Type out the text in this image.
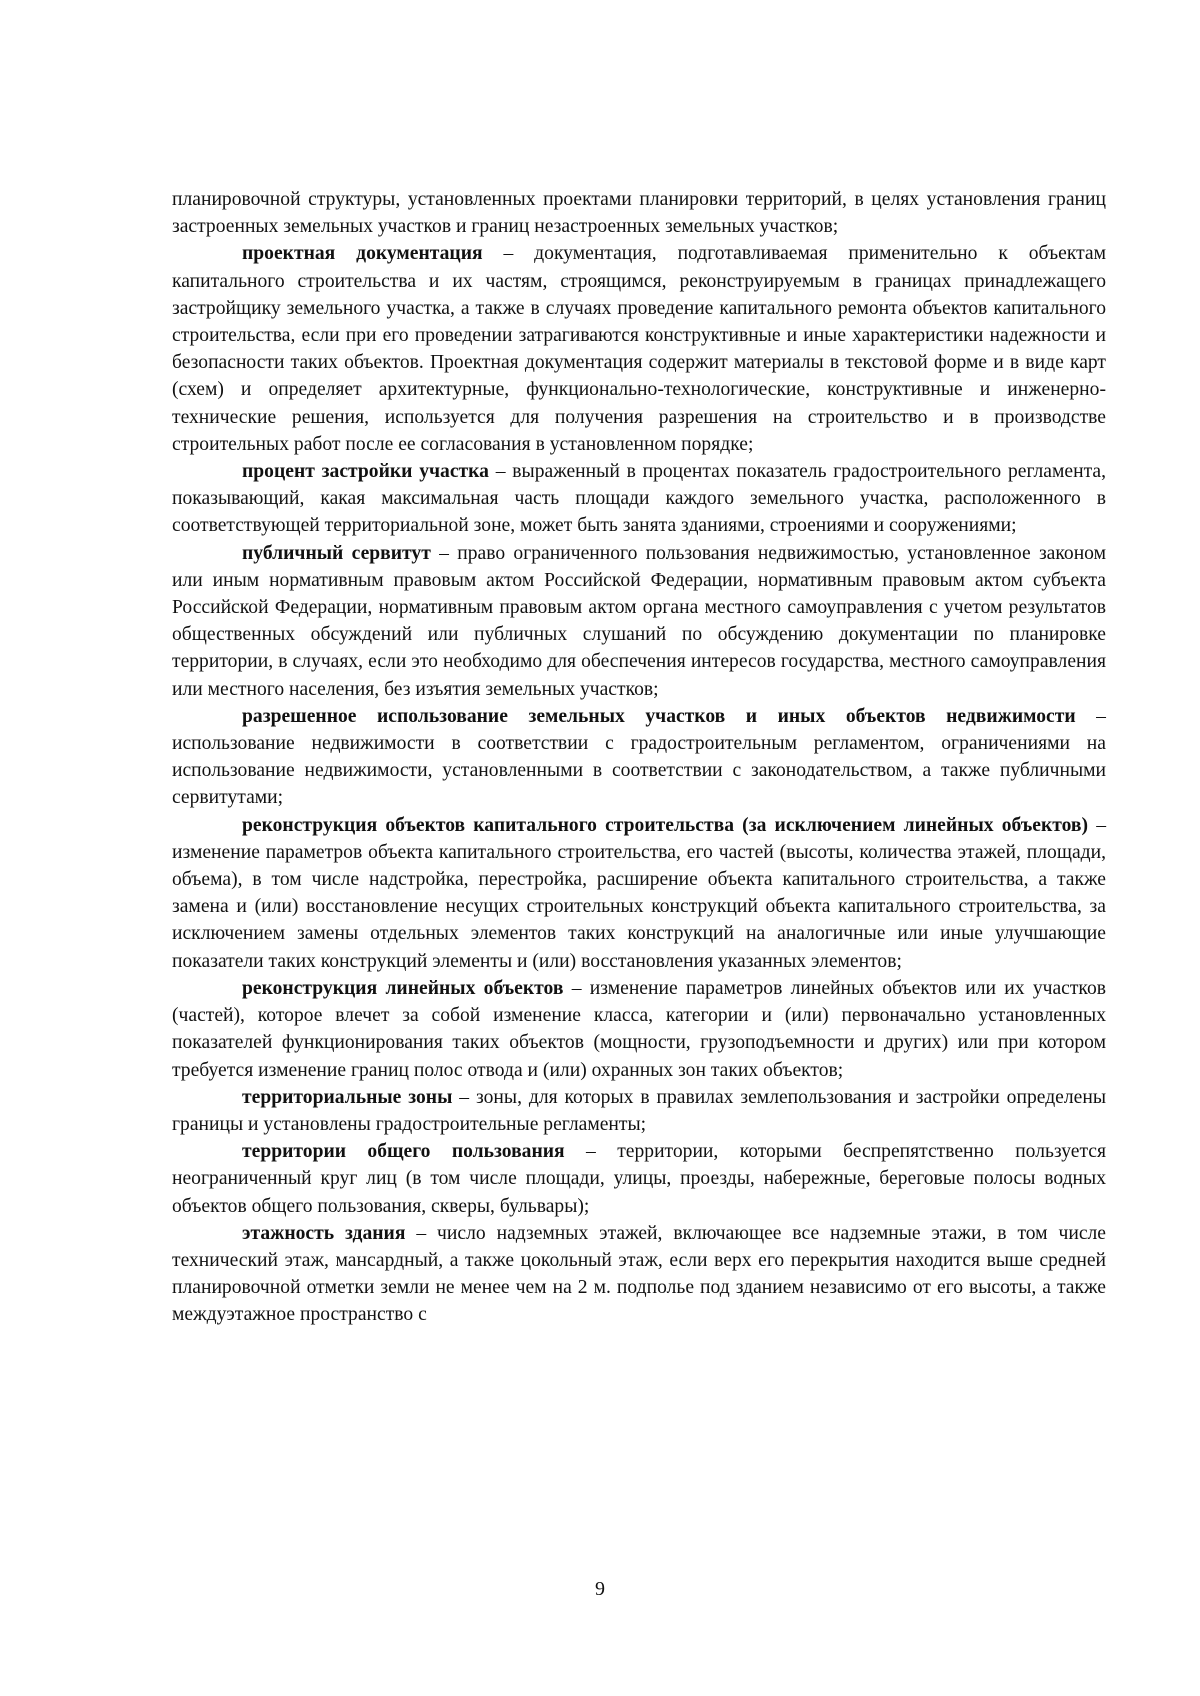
планировочной структуры, установленных проектами планировки территорий, в целях установления границ застроенных земельных участков и границ незастроенных земельных участков;

проектная документация – документация, подготавливаемая применительно к объектам капитального строительства и их частям, строящимся, реконструируемым в границах принадлежащего застройщику земельного участка, а также в случаях проведение капитального ремонта объектов капитального строительства, если при его проведении затрагиваются конструктивные и иные характеристики надежности и безопасности таких объектов. Проектная документация содержит материалы в текстовой форме и в виде карт (схем) и определяет архитектурные, функционально-технологические, конструктивные и инженерно-технические решения, используется для получения разрешения на строительство и в производстве строительных работ после ее согласования в установленном порядке;

процент застройки участка – выраженный в процентах показатель градостроительного регламента, показывающий, какая максимальная часть площади каждого земельного участка, расположенного в соответствующей территориальной зоне, может быть занята зданиями, строениями и сооружениями;

публичный сервитут – право ограниченного пользования недвижимостью, установленное законом или иным нормативным правовым актом Российской Федерации, нормативным правовым актом субъекта Российской Федерации, нормативным правовым актом органа местного самоуправления с учетом результатов общественных обсуждений или публичных слушаний по обсуждению документации по планировке территории, в случаях, если это необходимо для обеспечения интересов государства, местного самоуправления или местного населения, без изъятия земельных участков;

разрешенное использование земельных участков и иных объектов недвижимости – использование недвижимости в соответствии с градостроительным регламентом, ограничениями на использование недвижимости, установленными в соответствии с законодательством, а также публичными сервитутами;

реконструкция объектов капитального строительства (за исключением линейных объектов) – изменение параметров объекта капитального строительства, его частей (высоты, количества этажей, площади, объема), в том числе надстройка, перестройка, расширение объекта капитального строительства, а также замена и (или) восстановление несущих строительных конструкций объекта капитального строительства, за исключением замены отдельных элементов таких конструкций на аналогичные или иные улучшающие показатели таких конструкций элементы и (или) восстановления указанных элементов;

реконструкция линейных объектов – изменение параметров линейных объектов или их участков (частей), которое влечет за собой изменение класса, категории и (или) первоначально установленных показателей функционирования таких объектов (мощности, грузоподъемности и других) или при котором требуется изменение границ полос отвода и (или) охранных зон таких объектов;

территориальные зоны – зоны, для которых в правилах землепользования и застройки определены границы и установлены градостроительные регламенты;

территории общего пользования – территории, которыми беспрепятственно пользуется неограниченный круг лиц (в том числе площади, улицы, проезды, набережные, береговые полосы водных объектов общего пользования, скверы, бульвары);

этажность здания – число надземных этажей, включающее все надземные этажи, в том числе технический этаж, мансардный, а также цокольный этаж, если верх его перекрытия находится выше средней планировочной отметки земли не менее чем на 2 м. подполье под зданием независимо от его высоты, а также междуэтажное пространство с

9
